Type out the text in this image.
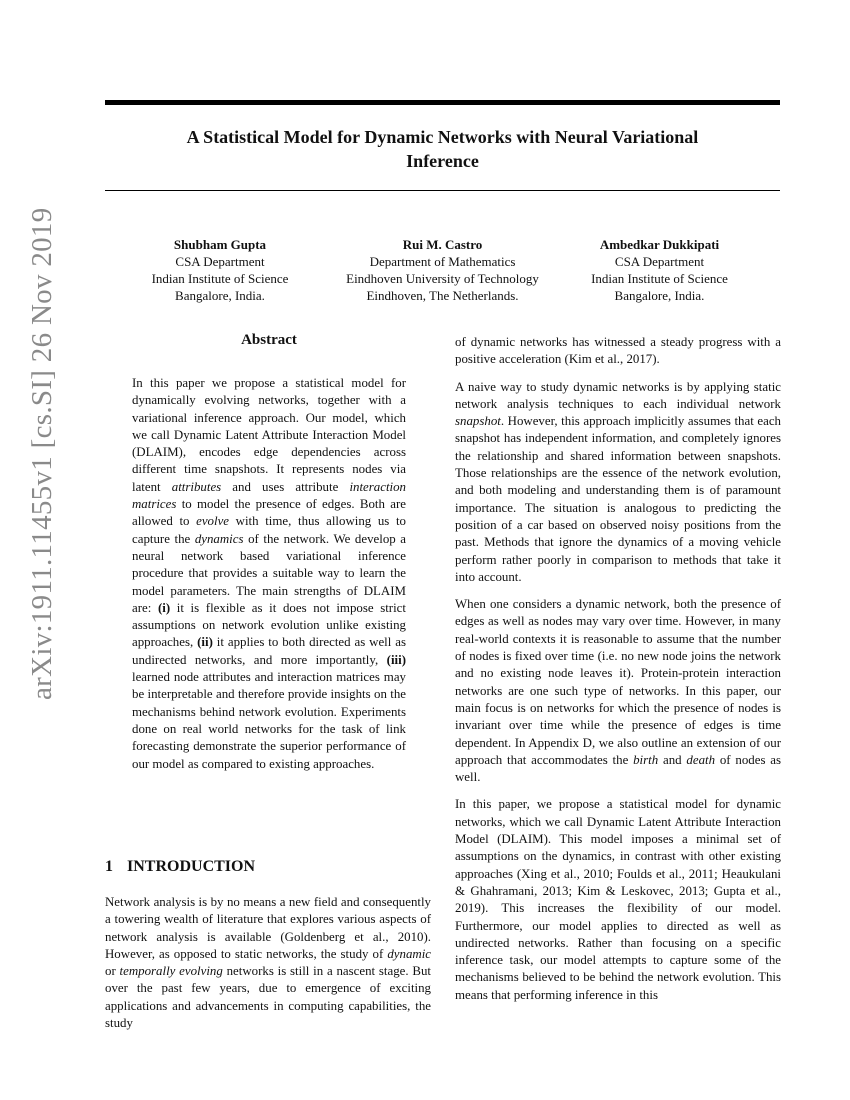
arXiv:1911.11455v1 [cs.SI] 26 Nov 2019
A Statistical Model for Dynamic Networks with Neural Variational
Inference
Shubham Gupta
CSA Department
Indian Institute of Science
Bangalore, India.
Rui M. Castro
Department of Mathematics
Eindhoven University of Technology
Eindhoven, The Netherlands.
Ambedkar Dukkipati
CSA Department
Indian Institute of Science
Bangalore, India.
Abstract
In this paper we propose a statistical model for dynamically evolving networks, together with a variational inference approach. Our model, which we call Dynamic Latent Attribute Interaction Model (DLAIM), encodes edge dependencies across different time snapshots. It represents nodes via latent attributes and uses attribute interaction matrices to model the presence of edges. Both are allowed to evolve with time, thus allowing us to capture the dynamics of the network. We develop a neural network based variational inference procedure that provides a suitable way to learn the model parameters. The main strengths of DLAIM are: (i) it is flexible as it does not impose strict assumptions on network evolution unlike existing approaches, (ii) it applies to both directed as well as undirected networks, and more importantly, (iii) learned node attributes and interaction matrices may be interpretable and therefore provide insights on the mechanisms behind network evolution. Experiments done on real world networks for the task of link forecasting demonstrate the superior performance of our model as compared to existing approaches.
1 INTRODUCTION
Network analysis is by no means a new field and consequently a towering wealth of literature that explores various aspects of network analysis is available (Goldenberg et al., 2010). However, as opposed to static networks, the study of dynamic or temporally evolving networks is still in a nascent stage. But over the past few years, due to emergence of exciting applications and advancements in computing capabilities, the study

of dynamic networks has witnessed a steady progress with a positive acceleration (Kim et al., 2017).

A naive way to study dynamic networks is by applying static network analysis techniques to each individual network snapshot. However, this approach implicitly assumes that each snapshot has independent information, and completely ignores the relationship and shared information between snapshots. Those relationships are the essence of the network evolution, and both modeling and understanding them is of paramount importance. The situation is analogous to predicting the position of a car based on observed noisy positions from the past. Methods that ignore the dynamics of a moving vehicle perform rather poorly in comparison to methods that take it into account.

When one considers a dynamic network, both the presence of edges as well as nodes may vary over time. However, in many real-world contexts it is reasonable to assume that the number of nodes is fixed over time (i.e. no new node joins the network and no existing node leaves it). Protein-protein interaction networks are one such type of networks. In this paper, our main focus is on networks for which the presence of nodes is invariant over time while the presence of edges is time dependent. In Appendix D, we also outline an extension of our approach that accommodates the birth and death of nodes as well.

In this paper, we propose a statistical model for dynamic networks, which we call Dynamic Latent Attribute Interaction Model (DLAIM). This model imposes a minimal set of assumptions on the dynamics, in contrast with other existing approaches (Xing et al., 2010; Foulds et al., 2011; Heaukulani & Ghahramani, 2013; Kim & Leskovec, 2013; Gupta et al., 2019). This increases the flexibility of our model. Furthermore, our model applies to directed as well as undirected networks. Rather than focusing on a specific inference task, our model attempts to capture some of the mechanisms believed to be behind the network evolution. This means that performing inference in this
